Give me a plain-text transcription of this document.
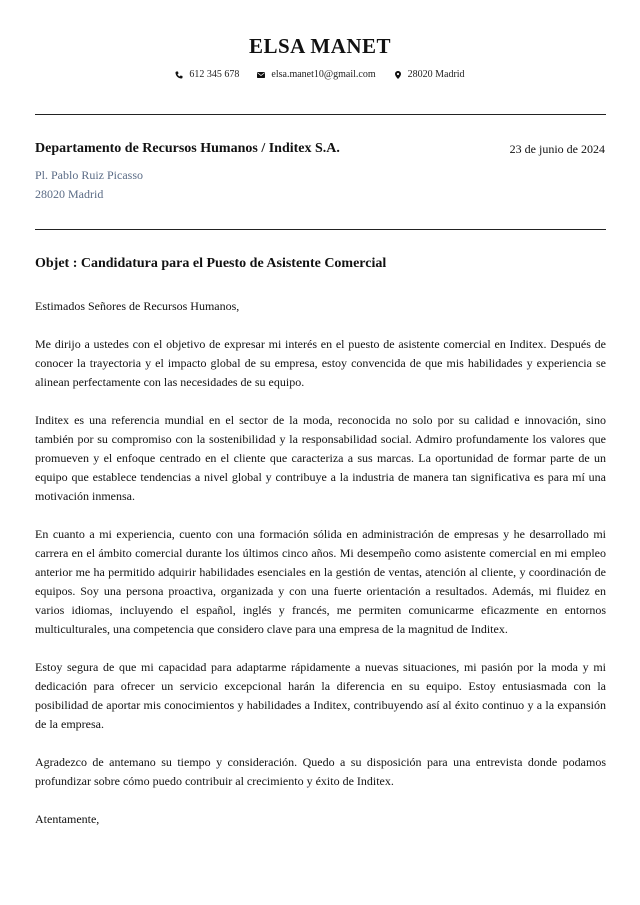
ELSA MANET
612 345 678	elsa.manet10@gmail.com	28020 Madrid
Departamento de Recursos Humanos / Inditex S.A.	23 de junio de 2024
Pl. Pablo Ruiz Picasso
28020 Madrid
Objet : Candidatura para el Puesto de Asistente Comercial

Estimados Señores de Recursos Humanos,

Me dirijo a ustedes con el objetivo de expresar mi interés en el puesto de asistente comercial en Inditex. Después de conocer la trayectoria y el impacto global de su empresa, estoy convencida de que mis habilidades y experiencia se alinean perfectamente con las necesidades de su equipo.

Inditex es una referencia mundial en el sector de la moda, reconocida no solo por su calidad e innovación, sino también por su compromiso con la sostenibilidad y la responsabilidad social. Admiro profundamente los valores que promueven y el enfoque centrado en el cliente que caracteriza a sus marcas. La oportunidad de formar parte de un equipo que establece tendencias a nivel global y contribuye a la industria de manera tan significativa es para mí una motivación inmensa.

En cuanto a mi experiencia, cuento con una formación sólida en administración de empresas y he desarrollado mi carrera en el ámbito comercial durante los últimos cinco años. Mi desempeño como asistente comercial en mi empleo anterior me ha permitido adquirir habilidades esenciales en la gestión de ventas, atención al cliente, y coordinación de equipos. Soy una persona proactiva, organizada y con una fuerte orientación a resultados. Además, mi fluidez en varios idiomas, incluyendo el español, inglés y francés, me permiten comunicarme eficazmente en entornos multiculturales, una competencia que considero clave para una empresa de la magnitud de Inditex.

Estoy segura de que mi capacidad para adaptarme rápidamente a nuevas situaciones, mi pasión por la moda y mi dedicación para ofrecer un servicio excepcional harán la diferencia en su equipo. Estoy entusiasmada con la posibilidad de aportar mis conocimientos y habilidades a Inditex, contribuyendo así al éxito continuo y a la expansión de la empresa.

Agradezco de antemano su tiempo y consideración. Quedo a su disposición para una entrevista donde podamos profundizar sobre cómo puedo contribuir al crecimiento y éxito de Inditex.

Atentamente,
